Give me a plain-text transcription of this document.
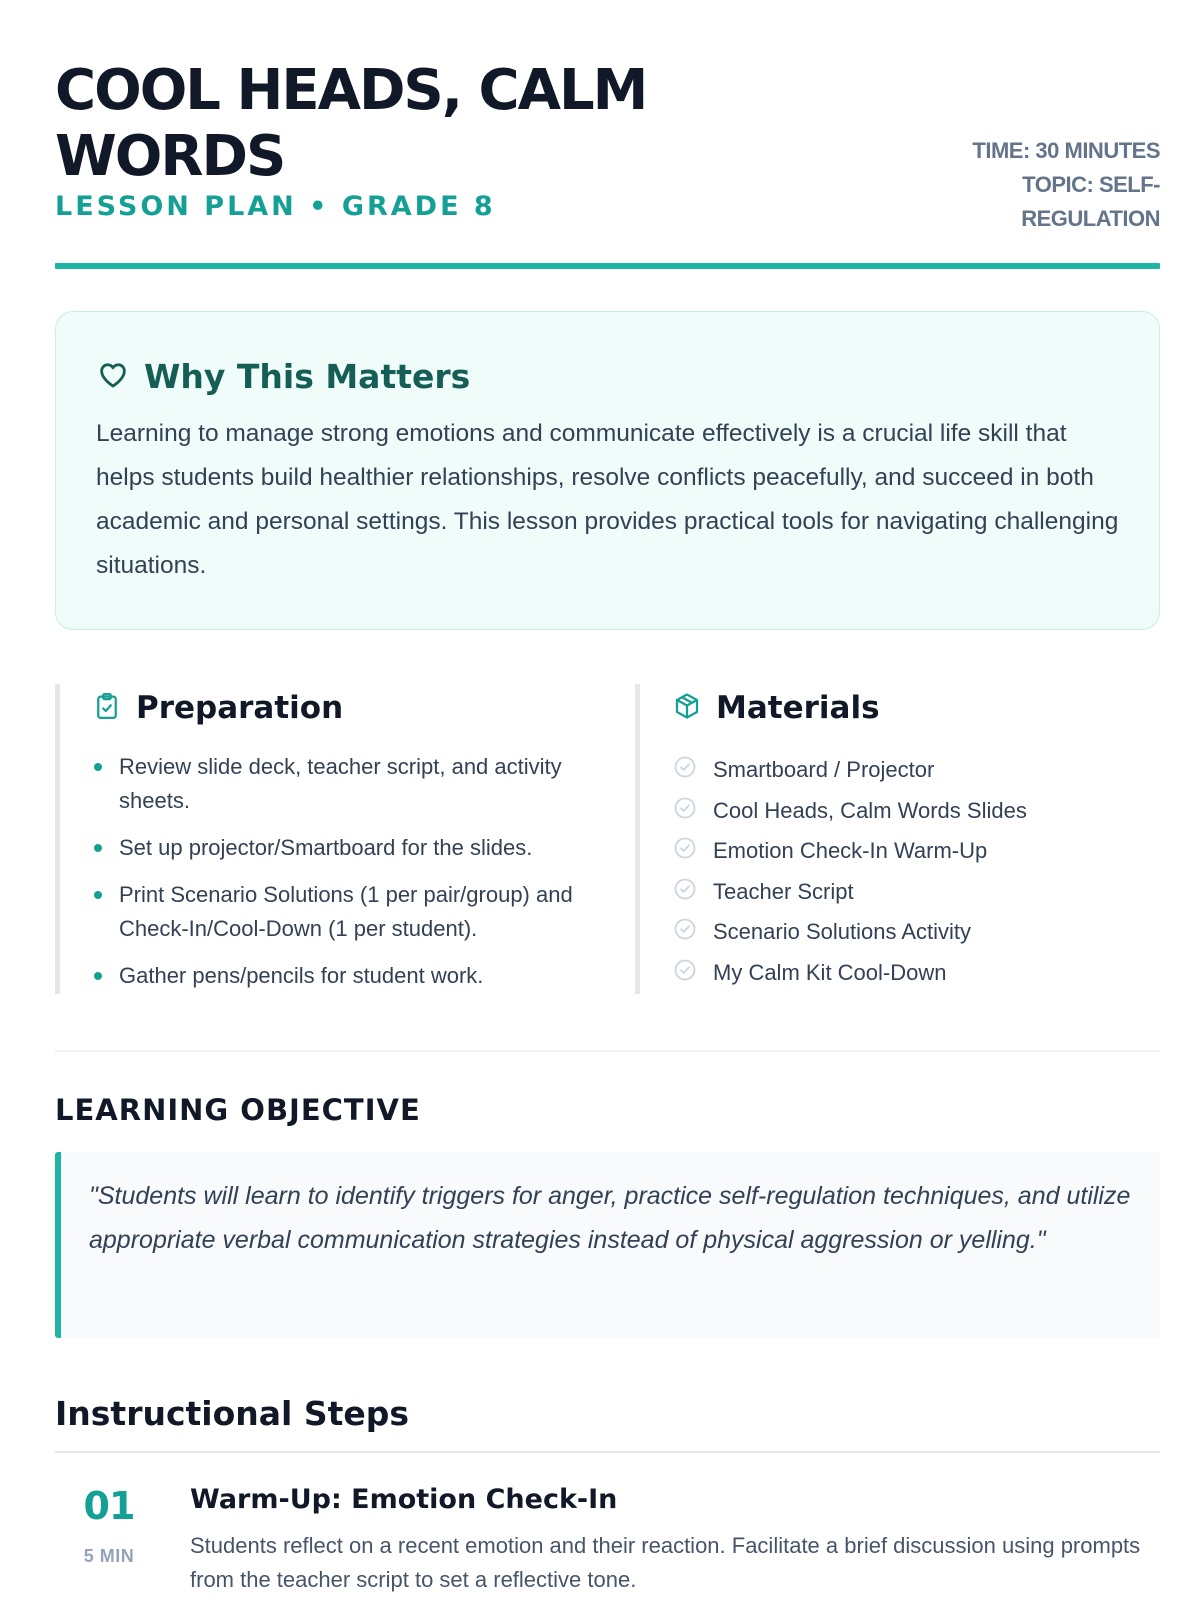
COOL HEADS, CALM WORDS
LESSON PLAN • GRADE 8
TIME: 30 MINUTES
TOPIC: SELF-REGULATION
Why This Matters

Learning to manage strong emotions and communicate effectively is a crucial life skill that helps students build healthier relationships, resolve conflicts peacefully, and succeed in both academic and personal settings. This lesson provides practical tools for navigating challenging situations.

Preparation
Review slide deck, teacher script, and activity sheets.
Set up projector/Smartboard for the slides.
Print Scenario Solutions (1 per pair/group) and Check-In/Cool-Down (1 per student).
Gather pens/pencils for student work.
Materials
Smartboard / Projector
Cool Heads, Calm Words Slides
Emotion Check-In Warm-Up
Teacher Script
Scenario Solutions Activity
My Calm Kit Cool-Down
LEARNING OBJECTIVE

"Students will learn to identify triggers for anger, practice self-regulation techniques, and utilize appropriate verbal communication strategies instead of physical aggression or yelling."

Instructional Steps
01
5 MIN
Warm-Up: Emotion Check-In

Students reflect on a recent emotion and their reaction. Facilitate a brief discussion using prompts from the teacher script to set a reflective tone.
